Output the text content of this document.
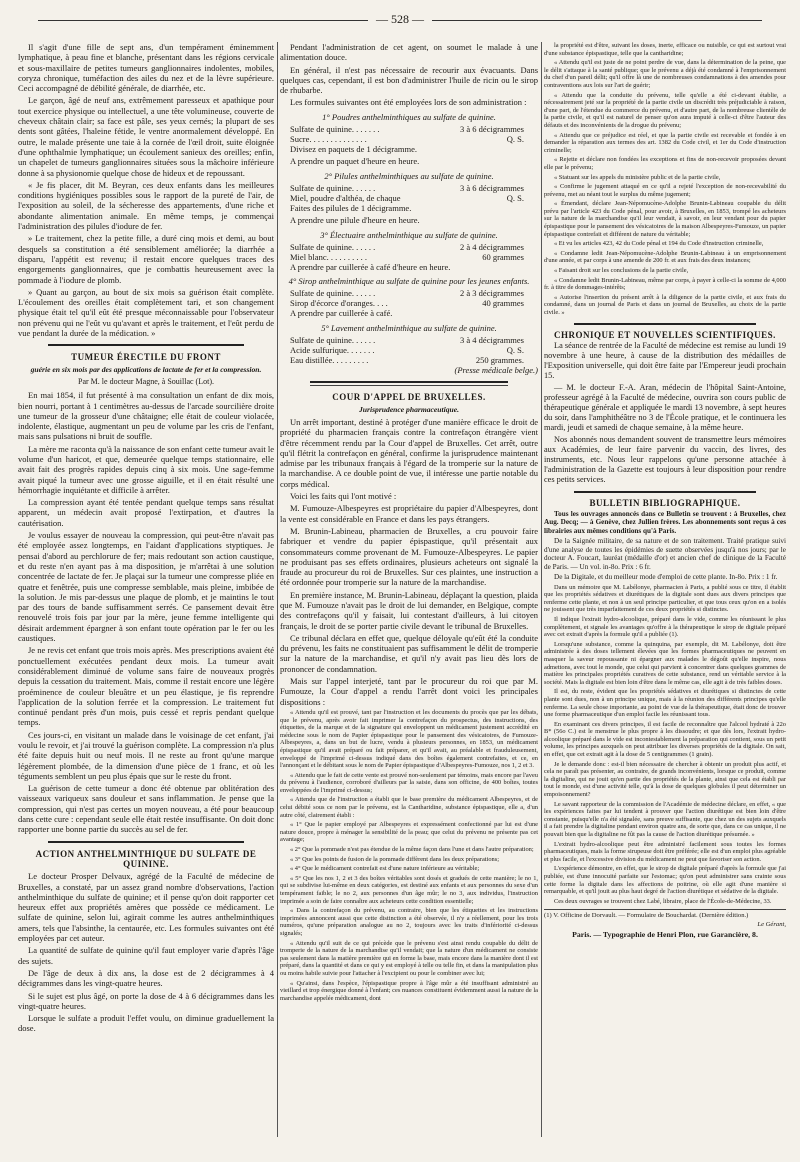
— 528 —

Il s'agit d'une fille de sept ans, d'un tempérament éminemment lymphatique, à peau fine et blanche, présentant dans les régions cervicale et sous-maxillaire de petites tumeurs ganglionnaires indolentes, mobiles, coryza chronique, tuméfaction des ailes du nez et de la lèvre supérieure. Ceci accompagné de débilité générale, de diarrhée, etc.

Le garçon, âgé de neuf ans, extrêmement paresseux et apathique pour tout exercice physique ou intellectuel, a une tête volumineuse, couverte de cheveux châtain clair; sa face est pâle, ses yeux cernés; la plupart de ses dents sont gâtées, l'haleine fétide, le ventre anormalement développé. En outre, le malade présente une taie à la cornée de l'œil droit, suite éloignée d'une ophthalmie lymphatique; un écoulement sanieux des oreilles; enfin, un chapelet de tumeurs ganglionnaires situées sous la mâchoire inférieure donne à sa physionomie quelque chose de hideux et de repoussant.

« Je fis placer, dit M. Beyran, ces deux enfants dans les meilleures conditions hygiéniques possibles sous le rapport de la pureté de l'air, de l'exposition au soleil, de la sécheresse des appartements, d'une riche et abondante alimentation animale. En même temps, je commençai l'administration des pilules d'iodure de fer.

» Le traitement, chez la petite fille, a duré cinq mois et demi, au bout desquels sa constitution a été sensiblement améliorée; la diarrhée a disparu, l'appétit est revenu; il restait encore quelques traces des engorgements ganglionnaires, que je combattis heureusement avec la pommade à l'iodure de plomb.

» Quant au garçon, au bout de six mois sa guérison était complète. L'écoulement des oreilles était complètement tari, et son changement physique était tel qu'il eût été presque méconnaissable pour l'observateur non prévenu qui ne l'eût vu qu'avant et après le traitement, et l'eût perdu de vue pendant la durée de la médication. »

TUMEUR ÉRECTILE DU FRONT
guérie en six mois par des applications de lactate de fer et la compression.
Par M. le docteur Magne, à Souillac (Lot).

En mai 1854, il fut présenté à ma consultation un enfant de dix mois, bien nourri, portant à 1 centimètres au-dessus de l'arcade sourcilière droite une tumeur de la grosseur d'une châtaigne; elle était de couleur violacée, indolente, élastique, augmentant un peu de volume par les cris de l'enfant, mais sans pulsations ni bruit de souffle.

La mère me raconta qu'à la naissance de son enfant cette tumeur avait le volume d'un haricot, et que, demeurée quelque temps stationnaire, elle avait fait des progrès rapides depuis cinq à six mois. Une sage-femme avait piqué la tumeur avec une grosse aiguille, et il en était résulté une hémorrhagie inquiétante et difficile à arrêter.

La compression ayant été tentée pendant quelque temps sans résultat apparent, un médecin avait proposé l'extirpation, et d'autres la cautérisation.

Je voulus essayer de nouveau la compression, qui peut-être n'avait pas été employée assez longtemps, en l'aidant d'applications styptiques. Je pensai d'abord au perchlorure de fer; mais redoutant son action caustique, et du reste n'en ayant pas à ma disposition, je m'arrêtai à une solution concentrée de lactate de fer. Je plaçai sur la tumeur une compresse pliée en quatre et fenêtrée, puis une compresse semblable, mais pleine, imbibée de la solution. Je mis par-dessus une plaque de plomb, et je maintins le tout par des tours de bande suffisamment serrés. Ce pansement devait être renouvelé trois fois par jour par la mère, jeune femme intelligente qui désirait ardemment épargner à son enfant toute opération par le fer ou les caustiques.

Je ne revis cet enfant que trois mois après. Mes prescriptions avaient été ponctuellement exécutées pendant deux mois. La tumeur avait considérablement diminué de volume sans faire de nouveaux progrès depuis la cessation du traitement. Mais, comme il restait encore une légère proéminence de couleur bleuâtre et un peu élastique, je fis reprendre l'application de la solution ferrée et la compression. Le traitement fut continué pendant près d'un mois, puis cessé et repris pendant quelque temps.

Ces jours-ci, en visitant un malade dans le voisinage de cet enfant, j'ai voulu le revoir, et j'ai trouvé la guérison complète. La compression n'a plus été faite depuis huit ou neuf mois. Il ne reste au front qu'une marque légèrement plombée, de la dimension d'une pièce de 1 franc, et où les téguments semblent un peu plus épais que sur le reste du front.

La guérison de cette tumeur a donc été obtenue par oblitération des vaisseaux variqueux sans douleur et sans inflammation. Je pense que la compression, qui n'est pas certes un moyen nouveau, a été pour beaucoup dans cette cure : cependant seule elle était restée insuffisante. On doit donc rapporter une bonne partie du succès au sel de fer.

ACTION ANTHELMINTHIQUE DU SULFATE DE QUININE.

Le docteur Prosper Delvaux, agrégé de la Faculté de médecine de Bruxelles, a constaté, par un assez grand nombre d'observations, l'action anthelminthique du sulfate de quinine; et il pense qu'on doit rapporter cet heureux effet aux propriétés amères que possède ce médicament. Le sulfate de quinine, selon lui, agirait comme les autres anthelminthiques amers, tels que l'absinthe, la centaurée, etc. Les formules suivantes ont été employées par cet auteur.

La quantité de sulfate de quinine qu'il faut employer varie d'après l'âge des sujets.

De l'âge de deux à dix ans, la dose est de 2 décigrammes à 4 décigrammes dans les vingt-quatre heures.

Si le sujet est plus âgé, on porte la dose de 4 à 6 décigrammes dans les vingt-quatre heures.

Lorsque le sulfate a produit l'effet voulu, on diminue graduellement la dose.

Pendant l'administration de cet agent, on soumet le malade à une alimentation douce.

En général, il n'est pas nécessaire de recourir aux évacuants. Dans quelques cas, cependant, il est bon d'administrer l'huile de ricin ou le sirop de rhubarbe.

Les formules suivantes ont été employées lors de son administration :

1° Poudres anthelminthiques au sulfate de quinine.
Sulfate de quinine. . . . . . .	3 à 6 décigrammes
Sucre. . . . . . . . . . . . . .	Q. S.
Divisez en paquets de 1 décigramme.
A prendre un paquet d'heure en heure.
2° Pilules anthelminthiques au sulfate de quinine.
Sulfate de quinine. . . . . .	3 à 6 décigrammes
Miel, poudre d'althéa, de chaque	Q. S.
Faites des pilules de 1 décigramme.
A prendre une pilule d'heure en heure.
3° Électuaire anthelminthique au sulfate de quinine.
Sulfate de quinine. . . . . .	2 à 4 décigrammes
Miel blanc. . . . . . . . . .	60 grammes
A prendre par cuillerée à café d'heure en heure.
4° Sirop anthelminthique au sulfate de quinine pour les jeunes enfants.
Sulfate de quinine. . . . . .	2 à 3 décigrammes
Sirop d'écorce d'oranges. . . .	40 grammes
A prendre par cuillerée à café.
5° Lavement anthelminthique au sulfate de quinine.
Sulfate de quinine. . . . . .	3 à 4 décigrammes
Acide sulfurique. . . . . . .	Q. S.
Eau distillée. . . . . . . . .	250 grammes.
(Presse médicale belge.)
COUR D'APPEL DE BRUXELLES.
Jurisprudence pharmaceutique.

Un arrêt important, destiné à protéger d'une manière efficace le droit de propriété du pharmacien français contre la contrefaçon étrangère vient d'être récemment rendu par la Cour d'appel de Bruxelles. Cet arrêt, outre qu'il flétrit la contrefaçon en général, confirme la jurisprudence maintenant admise par les tribunaux français à l'égard de la tromperie sur la nature de la marchandise. A ce double point de vue, il intéresse une partie notable du corps médical.

Voici les faits qui l'ont motivé :

M. Fumouze-Albespeyres est propriétaire du papier d'Albespeyres, dont la vente est considérable en France et dans les pays étrangers.

M. Brunin-Labineau, pharmacien de Bruxelles, a cru pouvoir faire fabriquer et vendre du papier épispastique, qu'il présentait aux consommateurs comme provenant de M. Fumouze-Albespeyres. Le papier ne produisant pas ses effets ordinaires, plusieurs acheteurs ont signalé la fraude au procureur du roi de Bruxelles. Sur ces plaintes, une instruction a été ordonnée pour tromperie sur la nature de la marchandise.

En première instance, M. Brunin-Labineau, déplaçant la question, plaida que M. Fumouze n'avait pas le droit de lui demander, en Belgique, compte des contrefaçons qu'il y faisait, lui contestant d'ailleurs, à lui citoyen français, le droit de se porter partie civile devant le tribunal de Bruxelles.

Ce tribunal déclara en effet que, quelque déloyale qu'eût été la conduite du prévenu, les faits ne constituaient pas suffisamment le délit de tromperie sur la nature de la marchandise, et qu'il n'y avait pas lieu dès lors de prononcer de condamnation.

Mais sur l'appel interjeté, tant par le procureur du roi que par M. Fumouze, la Cour d'appel a rendu l'arrêt dont voici les principales dispositions :

« Attendu qu'il est prouvé, tant par l'instruction et les documents du procès que par les débats, que le prévenu, après avoir fait imprimer la contrefaçon du prospectus, des instructions, des étiquettes, de la marque et de la signature qui enveloppent un médicament justement accrédité en médecine sous le nom de Papier épispastique pour le pansement des vésicatoires, de Fumouze-Albespeyres, a, dans un but de lucre, vendu à plusieurs personnes, en 1853, un médicament épispastique qu'il avait préparé ou fait préparer, et qu'il avait, au préalable et frauduleusement, enveloppé de l'imprimé ci-dessus indiqué dans des boîtes également contrefaites, et ce, en l'annonçant et le débitant sous le nom de Papier épispastique d'Albespeyres-Fumouze, nos 1, 2 et 3.

« Attendu que le fait de cette vente est prouvé non-seulement par témoins, mais encore par l'aveu du prévenu à l'audience, corroboré d'ailleurs par la saisie, dans son officine, de 400 boîtes, toutes enveloppées de l'imprimé ci-dessus;

« Attendu que de l'instruction a établi que le base première du médicament Albespeyres, et de celui débité sous ce nom par le prévenu, est la Cantharidine, substance épispastique, elle a, d'un autre côté, clairement établi :

« 1° Que le papier employé par Albespeyres et expressément confectionné par lui est d'une nature douce, propre à ménager la sensibilité de la peau; que celui du prévenu ne présente pas cet avantage;

« 2° Que la pommade n'est pas étendue de la même façon dans l'une et dans l'autre préparation;

« 3° Que les points de fusion de la pommade diffèrent dans les deux préparations;

« 4° Que le médicament contrefait est d'une nature inférieure au véritable;

« 5° Que les nos 1, 2 et 3 des boîtes véritables sont dosés et gradués de cette manière; le no 1, qui se subdivise lui-même en deux catégories, est destiné aux enfants et aux personnes du sexe d'un tempérament faible; le no 2, aux personnes d'un âge mûr; le no 3, aux individus, l'instruction imprimée a soin de faire connaître aux acheteurs cette condition essentielle;

« Dans la contrefaçon du prévenu, au contraire, bien que les étiquettes et les instructions imprimées annoncent aussi que cette distinction a été observée, il n'y a réellement, pour les trois numéros, qu'une préparation analogue au no 2, toujours avec les traits d'infériorité ci-dessus signalés;

« Attendu qu'il suit de ce qui précède que le prévenu s'est ainsi rendu coupable du délit de tromperie de la nature de la marchandise qu'il vendait; que la nature d'un médicament ne consiste pas seulement dans la matière première qui en forme la base, mais encore dans la manière dont il est préparé, dans la quantité et dans ce qui y est employé à telle ou telle fin, et dans la manipulation plus ou moins habile suivie pour l'attacher à l'excipient ou pour le combiner avec lui;

« Qu'ainsi, dans l'espèce, l'épispastique propre à l'âge mûr a été insuffisant administré au vieillard et trop énergique donné à l'enfant; ces nuances constituent évidemment aussi la nature de la marchandise appelée médicament, dont

la propriété est d'être, suivant les doses, inerte, efficace ou nuisible, ce qui est surtout vrai d'une substance épispastique, telle que la cantharidine;

« Attendu qu'il est juste de ne point perdre de vue, dans la détermination de la peine, que le délit s'attaque à la santé publique; que le prévenu a déjà été condamné à l'emprisonnement du chef d'un pareil délit; qu'il offre là une de nombreuses condamnations à des amendes pour contraventions aux lois sur l'art de guérir;

« Attendu que la conduite du prévenu, telle qu'elle a été ci-devant établie, a nécessairement jeté sur la propriété de la partie civile un discrédit très préjudiciable à raison, d'une part, de l'étendue du commerce du prévenu, et d'autre part, de la nombreuse clientèle de la partie civile, et qu'il est naturel de penser qu'on aura imputé à celle-ci d'être l'auteur des défauts et des inconvénients de la drogue du prévenu;

« Attendu que ce préjudice est réel, et que la partie civile est recevable et fondée à en demander la réparation aux termes des art. 1382 du Code civil, et 1er du Code d'instruction criminelle;

« Rejette et déclare non fondées les exceptions et fins de non-recevoir proposées devant elle par le prévenu;

« Statuant sur les appels du ministère public et de la partie civile,

« Confirme le jugement attaqué en ce qu'il a rejeté l'exception de non-recevabilité du prévenu, met au néant tout le surplus du même jugement;

« Émendant, déclare Jean-Népomucène-Adolphe Brunin-Labineau coupable du délit prévu par l'article 423 du Code pénal, pour avoir, à Bruxelles, en 1853, trompé les acheteurs sur la nature de la marchandise qu'il leur vendait, à savoir, en leur vendant pour du papier épispastique pour le pansement des vésicatoires de la maison Albespeyres-Fumouze, un papier épispastique contrefait et différent de nature du véritable;

« Et vu les articles 423, 42 du Code pénal et 194 du Code d'instruction criminelle,

« Condamne ledit Jean-Népomucène-Adolphe Brunin-Labineau à un emprisonnement d'une année, et par corps à une amende de 200 fr. et aux frais des deux instances;

« Faisant droit sur les conclusions de la partie civile,

« Condamne ledit Brunin-Labineau, même par corps, à payer à celle-ci la somme de 4,000 fr. à titre de dommages-intérêts;

« Autorise l'insertion du présent arrêt à la diligence de la partie civile, et aux frais du condamné, dans un journal de Paris et dans un journal de Bruxelles, au choix de la partie civile. »

CHRONIQUE ET NOUVELLES SCIENTIFIQUES.

La séance de rentrée de la Faculté de médecine est remise au lundi 19 novembre à une heure, à cause de la distribution des médailles de l'Exposition universelle, qui doit être faite par l'Empereur jeudi prochain 15.

— M. le docteur F.-A. Aran, médecin de l'hôpital Saint-Antoine, professeur agrégé à la Faculté de médecine, ouvrira son cours public de thérapeutique générale et appliquée le mardi 13 novembre, à sept heures du soir, dans l'amphithéâtre no 3 de l'École pratique, et le continuera les mardi, jeudi et samedi de chaque semaine, à la même heure.

Nos abonnés nous demandent souvent de transmettre leurs mémoires aux Académies, de leur faire parvenir du vaccin, des livres, des instruments, etc. Nous leur rappelons qu'une personne attachée à l'administration de la Gazette est toujours à leur disposition pour rendre ces petits services.

BULLETIN BIBLIOGRAPHIQUE.

Tous les ouvrages annoncés dans ce Bulletin se trouvent : à Bruxelles, chez Aug. Decq; — à Genève, chez Jullien frères. Les abonnements sont reçus à ces librairies aux mêmes conditions qu'à Paris.

De la Saignée militaire, de sa nature et de son traitement. Traité pratique suivi d'une analyse de toutes les épidémies de suette observées jusqu'à nos jours; par le docteur A. Foucart, lauréat (médaille d'or) et ancien chef de clinique de la Faculté de Paris. — Un vol. in-8o. Prix : 6 fr.

De la Digitale, et du meilleur mode d'emploi de cette plante. In-8o. Prix : 1 fr.

Dans un mémoire que M. Labélonye, pharmacien à Paris, a publié sous ce titre, il établit que les propriétés sédatives et diurétiques de la digitale sont dues aux divers principes que renferme cette plante, et non à un seul principe particulier, et que tous ceux qu'on en a isolés ne jouissent que très imparfaitement de ces deux propriétés si distinctes.

Il indique l'extrait hydro-alcoolique, préparé dans le vide, comme les réunissant le plus complètement, et signale les avantages qu'offre à la thérapeutique le sirop de digitale préparé avec cet extrait d'après la formule qu'il a publiée (1).

Lorsqu'une substance, comme la quinquina, par exemple, dit M. Labélonye, doit être administrée à des doses tellement élevées que les formes pharmaceutiques ne peuvent en masquer la saveur repoussante ni épargner aux malades le dégoût qu'elle inspire, nous admettons, avec tout le monde, que celui qui parvient à concentrer dans quelques grammes de matière les principales propriétés curatives de cette substance, rend un véritable service à la société. Mais la digitale est bien loin d'être dans le même cas, elle agit à de très faibles doses.

Il est, du reste, évident que les propriétés sédatives et diurétiques si distinctes de cette plante sont dues, non à un principe unique, mais à la réunion des différents principes qu'elle renferme. La seule chose importante, au point de vue de la thérapeutique, était donc de trouver une forme pharmaceutique d'un emploi facile les réunissant tous.

En examinant ces divers principes, il est facile de reconnaître que l'alcool hydraté à 22o B* (56o C.) est le menstrue le plus propre à les dissoudre; et que dès lors, l'extrait hydro-alcoolique préparé dans le vide est incontestablement la préparation qui contient, sous un petit volume, les principes auxquels on peut attribuer les diverses propriétés de la digitale. On sait, en effet, que cet extrait agit à la dose de 5 centigrammes (1 grain).

Je le demande donc : est-il bien nécessaire de chercher à obtenir un produit plus actif, et cela ne paraît pas présenter, au contraire, de grands inconvénients, lorsque ce produit, comme la digitaline, qui ne jouit qu'en partie des propriétés de la plante, ainsi que cela est établi par tout le monde, est d'une activité telle, qu'à la dose de quelques globules il peut déterminer un empoisonnement?

Le savant rapporteur de la commission de l'Académie de médecine déclare, en effet, « que les expériences faites par lui tendent à prouver que l'action diurétique est bien loin d'être constante, puisqu'elle n'a été signalée, sans preuve suffisante, que chez un des sujets auxquels il a fait prendre la digitaline pendant environ quatre ans, de sorte que, dans ce cas unique, il ne pouvait bien que la digitaline ne fût pas la cause de l'action diurétique présumée. »

L'extrait hydro-alcoolique peut être administré facilement sous toutes les formes pharmaceutiques, mais la forme sirupeuse doit être préférée; elle est d'un emploi plus agréable et plus facile, et l'excessive division du médicament ne peut que favoriser son action.

L'expérience démontre, en effet, que le sirop de digitale préparé d'après la formule que j'ai publiée, est d'une innocuité parfaite sur l'estomac; qu'on peut administrer sans crainte sous cette forme la digitale dans les affections de poitrine, où elle agit d'une manière si remarquable, et qu'il jouit au plus haut degré de l'action diurétique et sédative de la digitale.

Ces deux ouvrages se trouvent chez Labé, libraire, place de l'École-de-Médecine, 33.

(1) V. Officine de Dorvault. — Formulaire de Bouchardat. (Dernière édition.)
Le Gérant,
Paris. — Typographie de Henri Plon, rue Garancière, 8.
